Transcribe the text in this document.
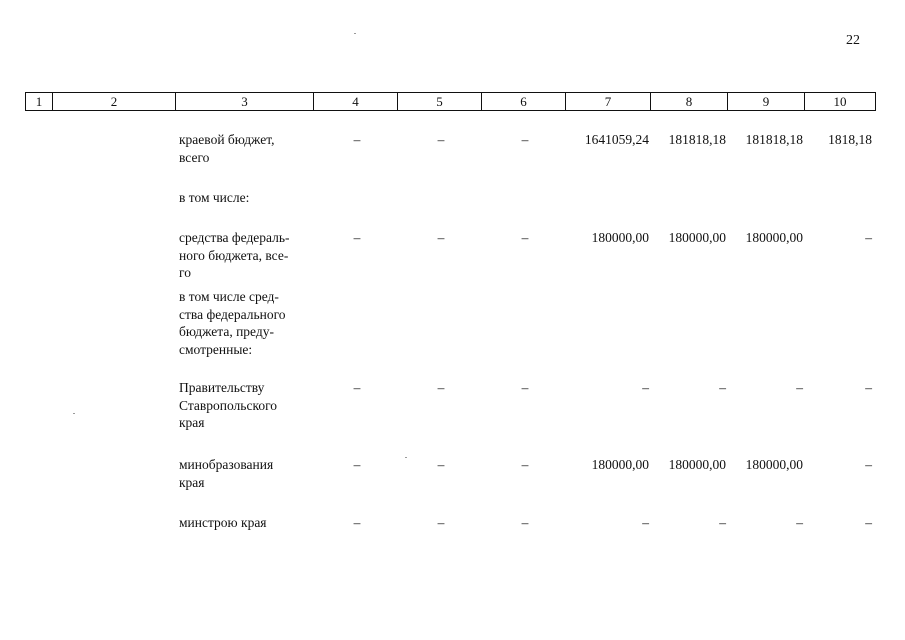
22
1	2	3	4	5	6	7	8	9	10
краевой бюджет,
всего
–	–	–	1641059,24	181818,18	181818,18	1818,18
в том числе:
средства федераль-
ного бюджета, все-
го
–	–	–	180000,00	180000,00	180000,00	–
в том числе сред-
ства федерального
бюджета, преду-
смотренные:
Правительству
Ставропольского
края
–	–	–	–	–	–	–
минобразования
края
–	–	–	180000,00	180000,00	180000,00	–
минстрою края	–	–	–	–	–	–	–
